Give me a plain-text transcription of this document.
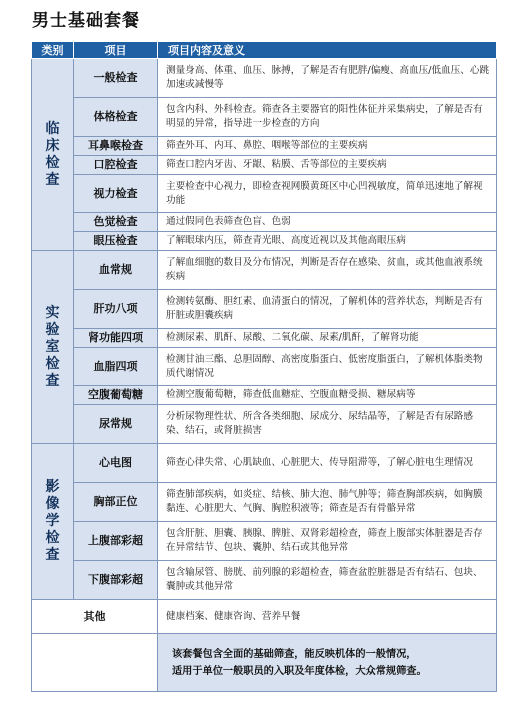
男士基础套餐
类别	项目	项目内容及意义

临
床
检
查	一般检查	测量身高、体重、血压、脉搏，了解是否有肥胖/偏瘦、高血压/低血压、心跳加速或减慢等
	体格检查	包含内科、外科检查。筛查各主要器官的阳性体征并采集病史，了解是否有明显的异常，指导进一步检查的方向
	耳鼻喉检查	筛查外耳、内耳、鼻腔、咽喉等部位的主要疾病
	口腔检查	筛查口腔内牙齿、牙龈、粘膜、舌等部位的主要疾病
	视力检查	主要检查中心视力，即检查视网膜黄斑区中心凹视敏度，简单迅速地了解视功能
	色觉检查	通过假同色表筛查色盲、色弱
	眼压检查	了解眼球内压，筛查青光眼、高度近视以及其他高眼压病

实
验
室
检
查	血常规	了解血细胞的数目及分布情况，判断是否存在感染、贫血，或其他血液系统疾病
	肝功八项	检测转氨酶、胆红素、血清蛋白的情况，了解机体的营养状态，判断是否有肝脏或胆囊疾病
	肾功能四项	检测尿素、肌酐、尿酸、二氧化碳、尿素/肌酐，了解肾功能
	血脂四项	检测甘油三酯、总胆固醇、高密度脂蛋白、低密度脂蛋白，了解机体脂类物质代谢情况
	空腹葡萄糖	检测空腹葡萄糖，筛查低血糖症、空腹血糖受损、糖尿病等
	尿常规	分析尿物理性状、所含各类细胞、尿成分、尿结晶等，了解是否有尿路感染、结石，或肾脏损害

影
像
学
检
查	心电图	筛查心律失常、心肌缺血、心脏肥大、传导阻滞等，了解心脏电生理情况
	胸部正位	筛查肺部疾病，如炎症、结核、肺大泡、肺气肿等；筛查胸部疾病，如胸膜黏连、心脏肥大、气胸、胸腔积液等；筛查是否有骨骼异常
	上腹部彩超	包含肝脏、胆囊、胰腺、脾脏、双肾彩超检查，筛查上腹部实体脏器是否存在异常结节、包块、囊肿、结石或其他异常
	下腹部彩超	包含输尿管、膀胱、前列腺的彩超检查，筛查盆腔脏器是否有结石、包块、囊肿或其他异常
其他		健康档案、健康咨询、营养早餐

		该套餐包含全面的基础筛查，能反映机体的一般情况，
适用于单位一般职员的入职及年度体检，大众常规筛查。
